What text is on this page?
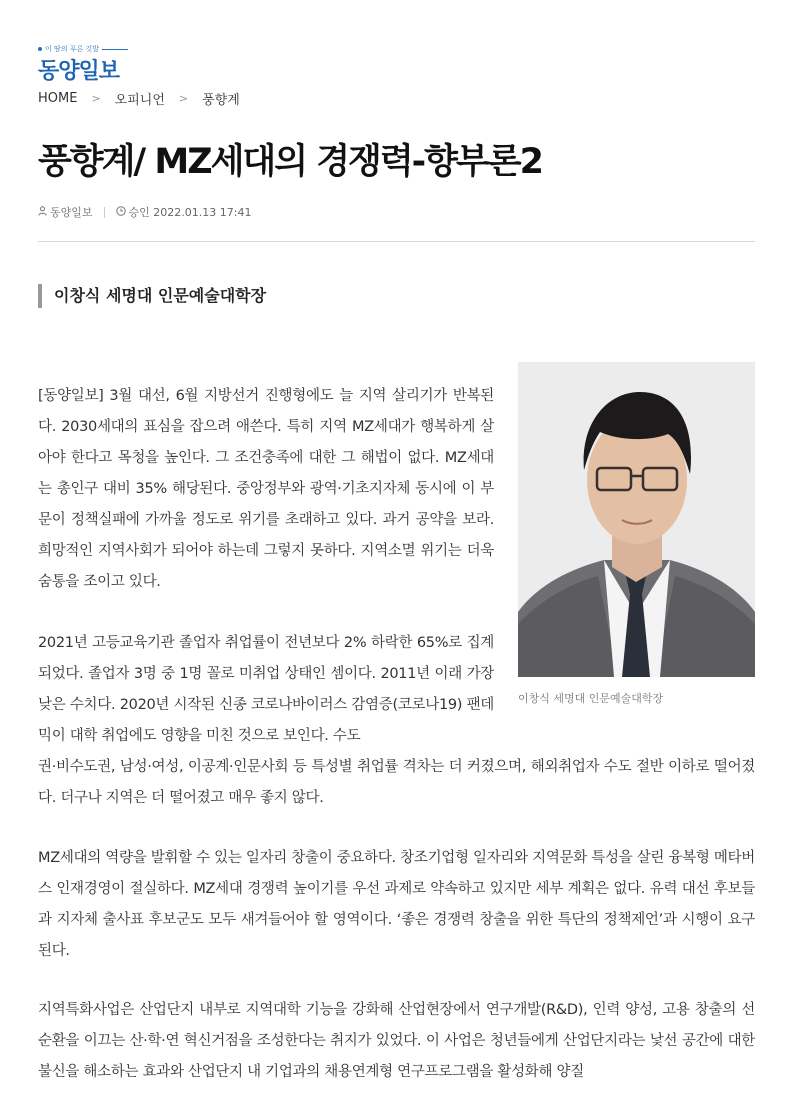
이 땅의 푸른 깃발
동양일보
HOME > 오피니언 > 풍향계
풍향계/ MZ세대의 경쟁력-향부론2
동양일보	승인 2022.01.13 17:41
이창식 세명대 인문예술대학장
이창식 세명대 인문예술대학장

[동양일보] 3월 대선, 6월 지방선거 진행형에도 늘 지역 살리기가 반복된다. 2030세대의 표심을 잡으려 애쓴다. 특히 지역 MZ세대가 행복하게 살아야 한다고 목청을 높인다. 그 조건충족에 대한 그 해법이 없다. MZ세대는 총인구 대비 35% 해당된다. 중앙정부와 광역·기초지자체 동시에 이 부문이 정책실패에 가까울 정도로 위기를 초래하고 있다. 과거 공약을 보라. 희망적인 지역사회가 되어야 하는데 그렇지 못하다. 지역소멸 위기는 더욱 숨통을 조이고 있다.

2021년 고등교육기관 졸업자 취업률이 전년보다 2% 하락한 65%로 집계되었다. 졸업자 3명 중 1명 꼴로 미취업 상태인 셈이다. 2011년 이래 가장 낮은 수치다. 2020년 시작된 신종 코로나바이러스 감염증(코로나19) 팬데믹이 대학 취업에도 영향을 미친 것으로 보인다. 수도
권·비수도권, 남성·여성, 이공계·인문사회 등 특성별 취업률 격차는 더 커졌으며, 해외취업자 수도 절반 이하로 떨어졌다. 더구나 지역은 더 떨어졌고 매우 좋지 않다.

MZ세대의 역량을 발휘할 수 있는 일자리 창출이 중요하다. 창조기업형 일자리와 지역문화 특성을 살린 융복형 메타버스 인재경영이 절실하다. MZ세대 경쟁력 높이기를 우선 과제로 약속하고 있지만 세부 계획은 없다. 유력 대선 후보들과 지자체 출사표 후보군도 모두 새겨들어야 할 영역이다. ‘좋은 경쟁력 창출을 위한 특단의 정책제언’과 시행이 요구된다.

지역특화사업은 산업단지 내부로 지역대학 기능을 강화해 산업현장에서 연구개발(R&D), 인력 양성, 고용 창출의 선순환을 이끄는 산·학·연 혁신거점을 조성한다는 취지가 있었다. 이 사업은 청년들에게 산업단지라는 낯선 공간에 대한 불신을 해소하는 효과와 산업단지 내 기업과의 채용연계형 연구프로그램을 활성화해 양질
